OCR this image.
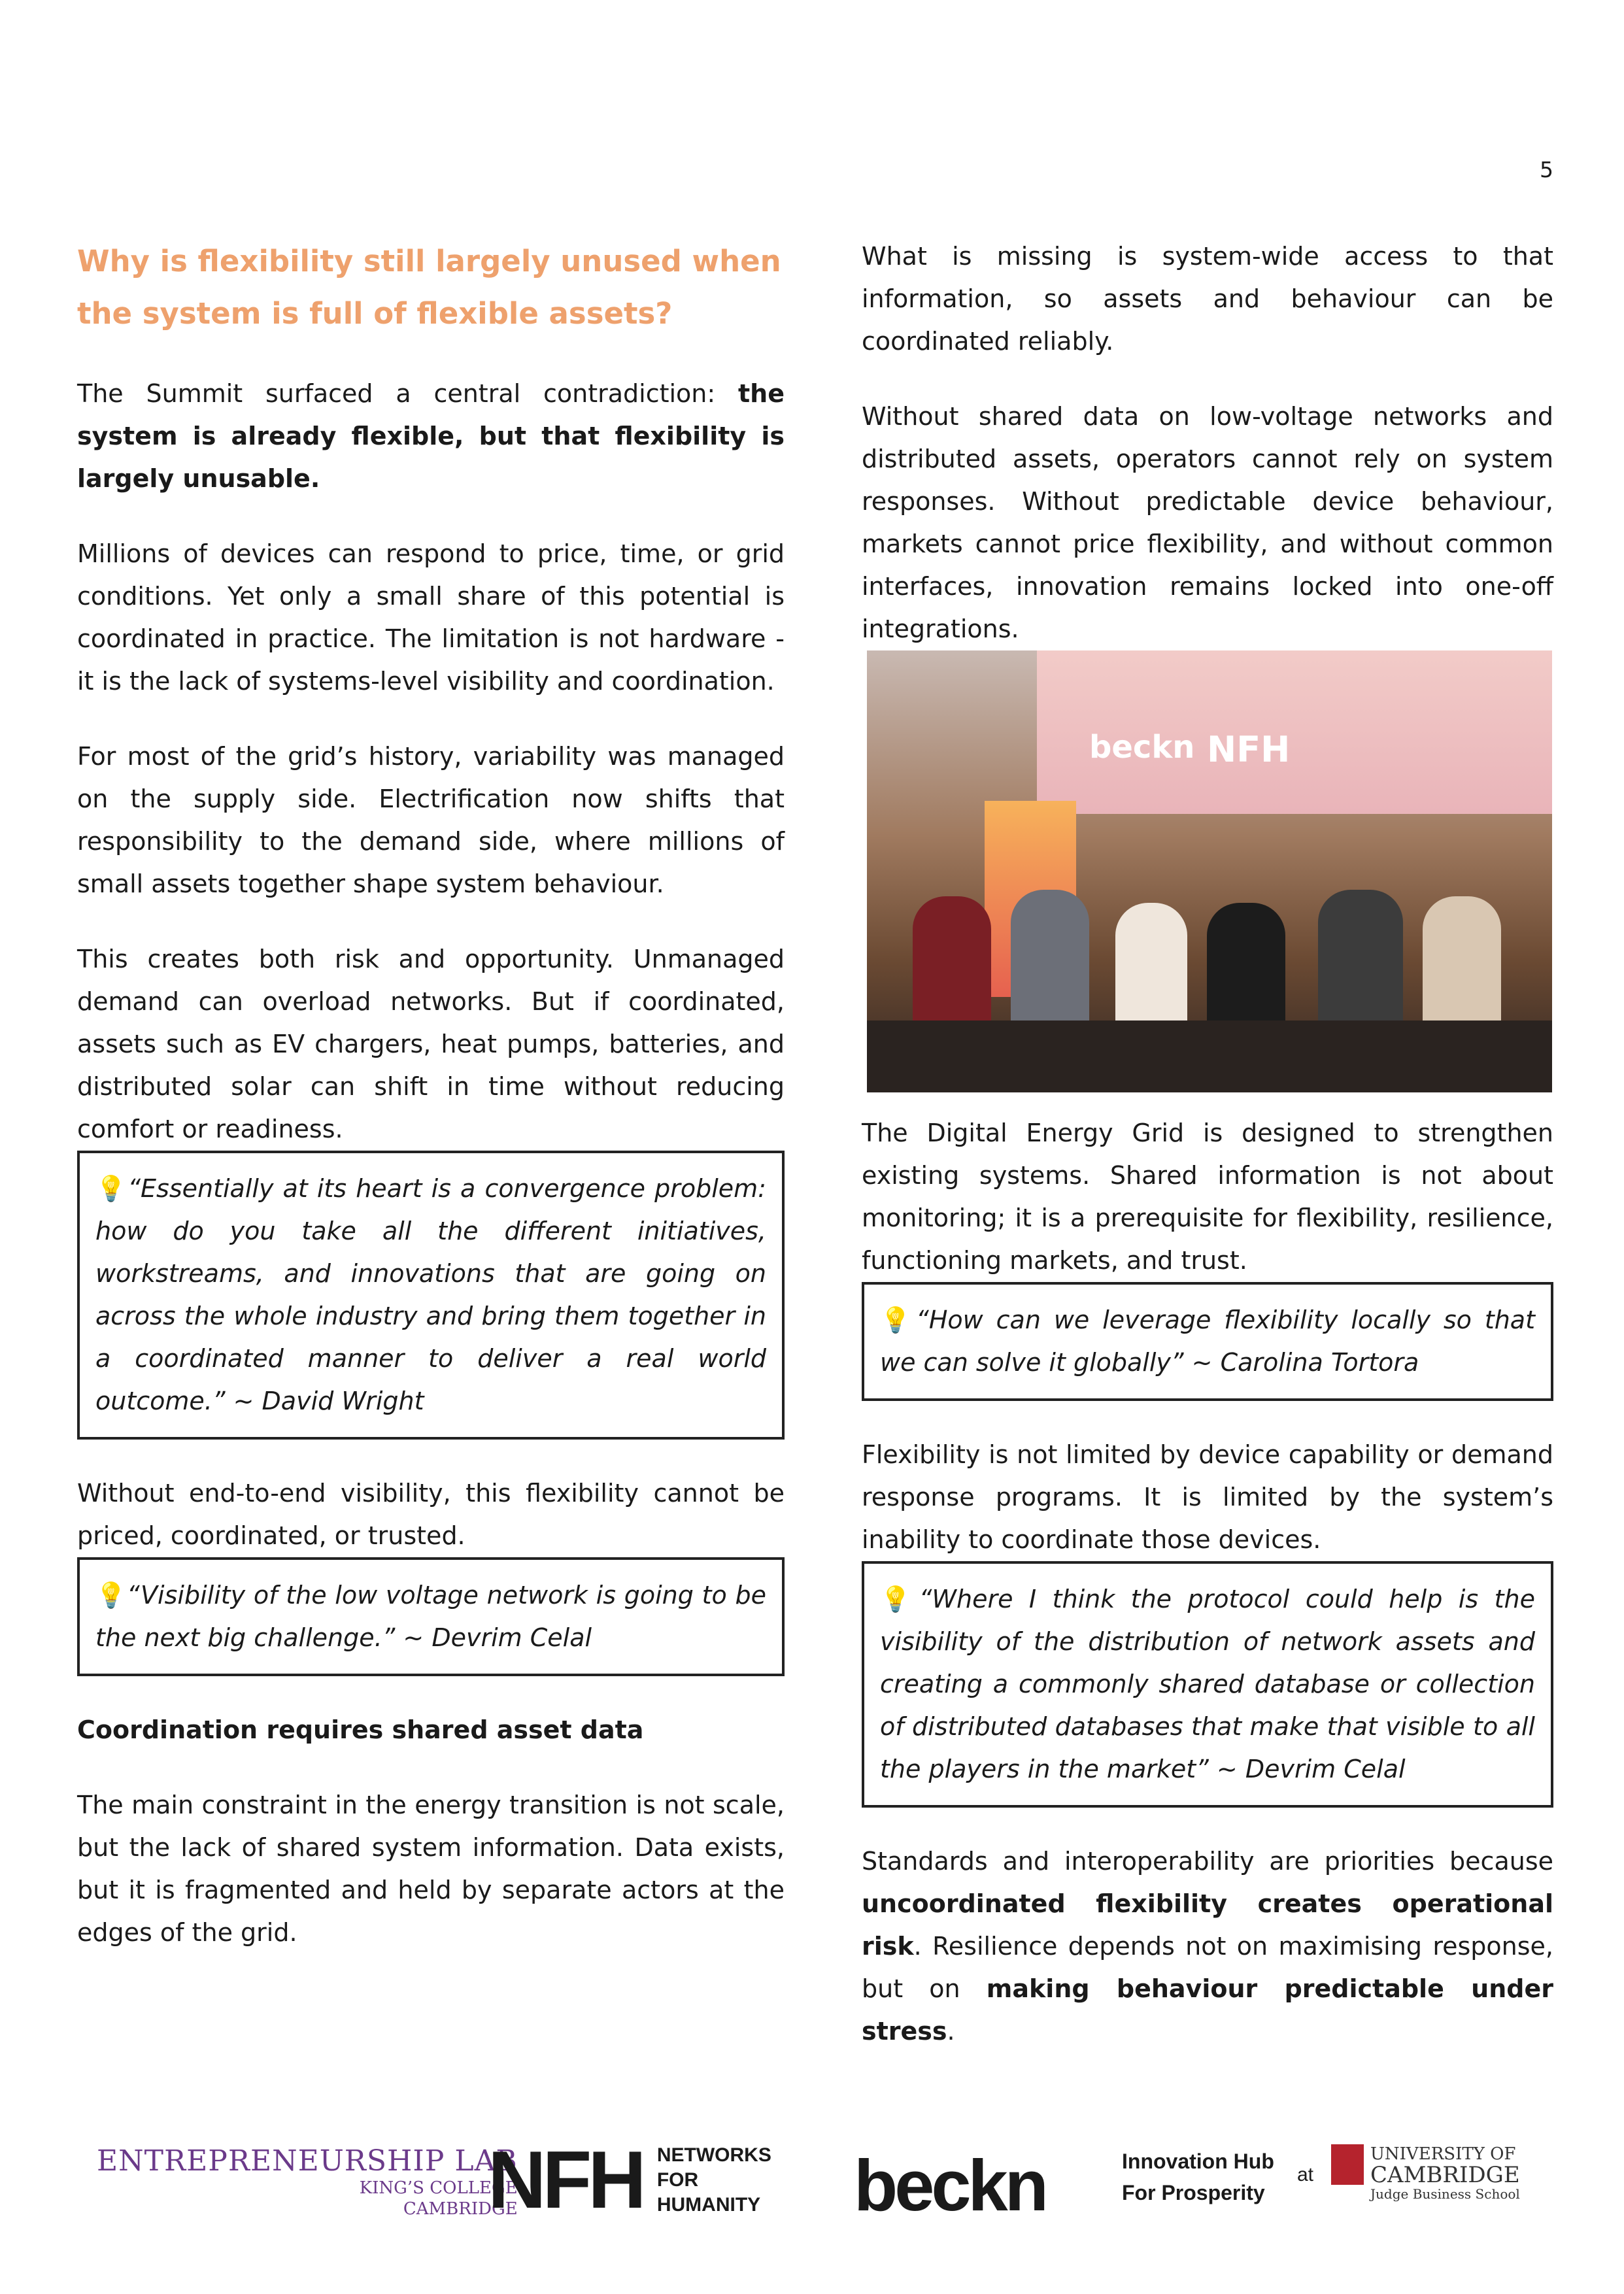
5
Why is flexibility still largely unused when the system is full of flexible assets?

The Summit surfaced a central contradiction: the system is already flexible, but that flexibility is largely unusable.

Millions of devices can respond to price, time, or grid conditions. Yet only a small share of this potential is coordinated in practice. The limitation is not hardware - it is the lack of systems-level visibility and coordination.

For most of the grid’s history, variability was managed on the supply side. Electrification now shifts that responsibility to the demand side, where millions of small assets together shape system behaviour.

This creates both risk and opportunity. Unmanaged demand can overload networks. But if coordinated, assets such as EV chargers, heat pumps, batteries, and distributed solar can shift in time without reducing comfort or readiness.

💡“Essentially at its heart is a convergence problem: how do you take all the different initiatives, workstreams, and innovations that are going on across the whole industry and bring them together in a coordinated manner to deliver a real world outcome.” ~ David Wright

Without end-to-end visibility, this flexibility cannot be priced, coordinated, or trusted.

💡“Visibility of the low voltage network is going to be the next big challenge.” ~ Devrim Celal

Coordination requires shared asset data

The main constraint in the energy transition is not scale, but the lack of shared system information. Data exists, but it is fragmented and held by separate actors at the edges of the grid.

What is missing is system-wide access to that information, so assets and behaviour can be coordinated reliably.

Without shared data on low-voltage networks and distributed assets, operators cannot rely on system responses. Without predictable device behaviour, markets cannot price flexibility, and without common interfaces, innovation remains locked into one-off integrations.

beckn NFH

The Digital Energy Grid is designed to strengthen existing systems. Shared information is not about monitoring; it is a prerequisite for flexibility, resilience, functioning markets, and trust.

💡“How can we leverage flexibility locally so that we can solve it globally” ~ Carolina Tortora

Flexibility is not limited by device capability or demand response programs. It is limited by the system’s inability to coordinate those devices.

💡“Where I think the protocol could help is the visibility of the distribution of network assets and creating a commonly shared database or collection of distributed databases that make that visible to all the players in the market” ~ Devrim Celal

Standards and interoperability are priorities because uncoordinated flexibility creates operational risk. Resilience depends not on maximising response, but on making behaviour predictable under stress.

ENTREPRENEURSHIP LAB
KING’S COLLEGE
CAMBRIDGE
NFH NETWORKS
FOR
HUMANITY beckn	Innovation Hub
For Prosperity
at
UNIVERSITY OF
CAMBRIDGE
Judge Business School
